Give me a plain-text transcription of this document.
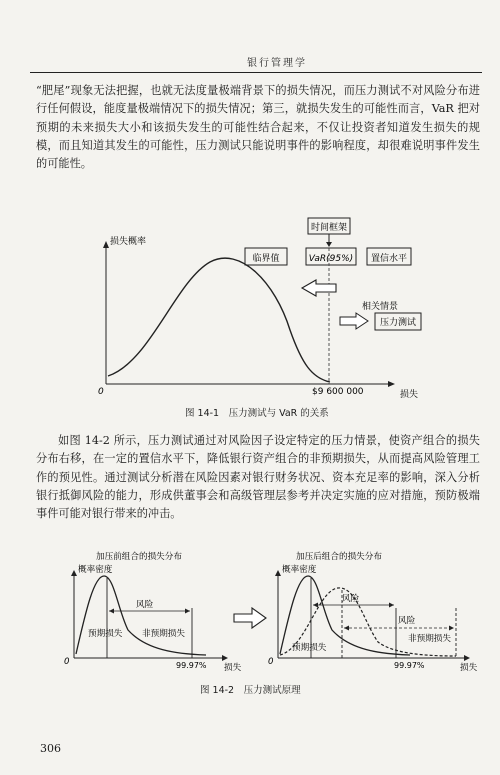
银行管理学

“肥尾”现象无法把握，也就无法度量极端背景下的损失情况，而压力测试不对风险分布进行任何假设，能度量极端情况下的损失情况；第三，就损失发生的可能性而言，VaR 把对预期的未来损失大小和该损失发生的可能性结合起来，不仅让投资者知道发生损失的规模，而且知道其发生的可能性，压力测试只能说明事件的影响程度，却很难说明事件发生的可能性。

时间框架
临界值	VaR(95%) 置信水平
损失概率
0	损失
$9 600 000
相关情景
压力测试
图 14-1　压力测试与 VaR 的关系

如图 14-2 所示，压力测试通过对风险因子设定特定的压力情景，使资产组合的损失分布右移，在一定的置信水平下，降低银行资产组合的非预期损失，从而提高风险管理工作的预见性。通过测试分析潜在风险因素对银行财务状况、资本充足率的影响，深入分析银行抵御风险的能力，形成供董事会和高级管理层参考并决定实施的应对措施，预防极端事件可能对银行带来的冲击。

加压前组合的损失分布
概率密度
0
损失
风险
预期损失 非预期损失
99.97%
加压后组合的损失分布
概率密度
0
风险
风险
预期损失
非预期损失
99.97%	损失
图 14-2　压力测试原理
306
